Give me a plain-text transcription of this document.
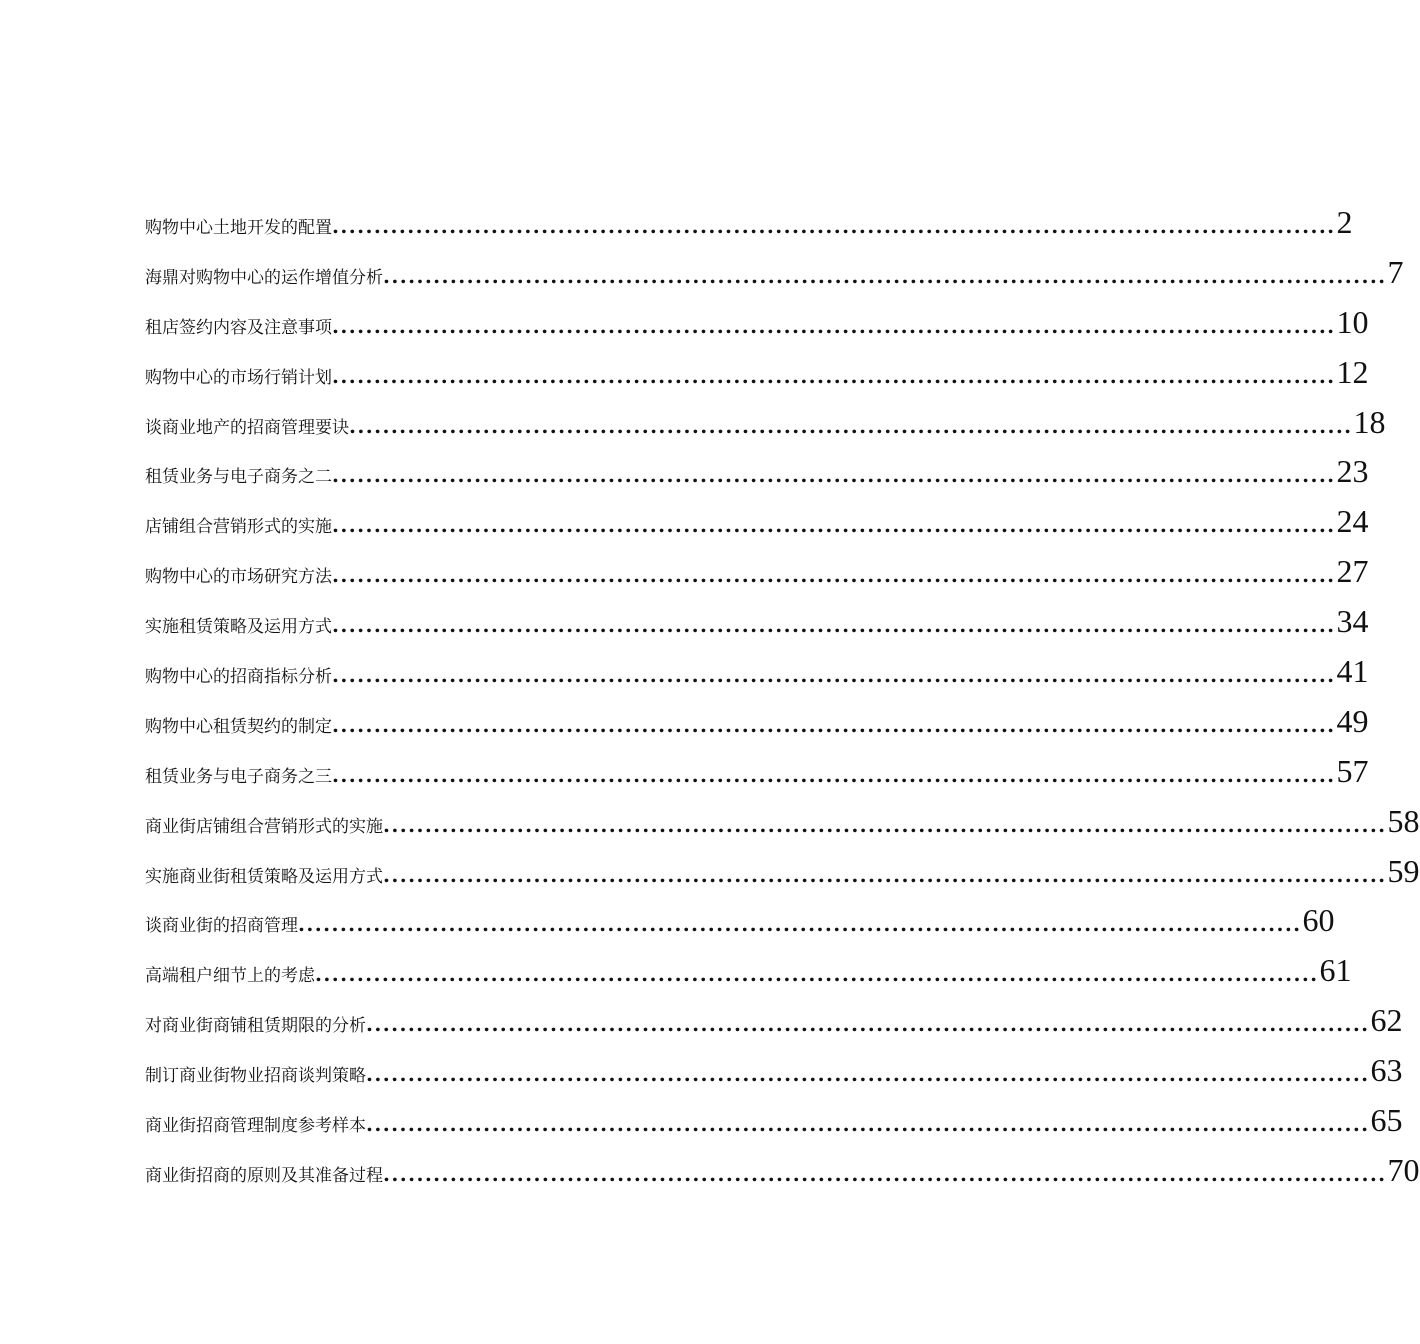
购物中心土地开发的配置 ........................................................................................................................ 2
海鼎对购物中心的运作增值分析 ........................................................................................................................ 7
租店签约内容及注意事项 ........................................................................................................................ 10
购物中心的市场行销计划 ........................................................................................................................ 12
谈商业地产的招商管理要诀 ........................................................................................................................ 18
租赁业务与电子商务之二 ........................................................................................................................ 23
店铺组合营销形式的实施 ........................................................................................................................ 24
购物中心的市场研究方法 ........................................................................................................................ 27
实施租赁策略及运用方式 ........................................................................................................................ 34
购物中心的招商指标分析 ........................................................................................................................ 41
购物中心租赁契约的制定 ........................................................................................................................ 49
租赁业务与电子商务之三 ........................................................................................................................ 57
商业街店铺组合营销形式的实施 ........................................................................................................................ 58
实施商业街租赁策略及运用方式 ........................................................................................................................ 59
谈商业街的招商管理 ........................................................................................................................ 60
高端租户细节上的考虑 ........................................................................................................................ 61
对商业街商铺租赁期限的分析 ........................................................................................................................ 62
制订商业街物业招商谈判策略 ........................................................................................................................ 63
商业街招商管理制度参考样本 ........................................................................................................................ 65
商业街招商的原则及其准备过程 ........................................................................................................................ 70
